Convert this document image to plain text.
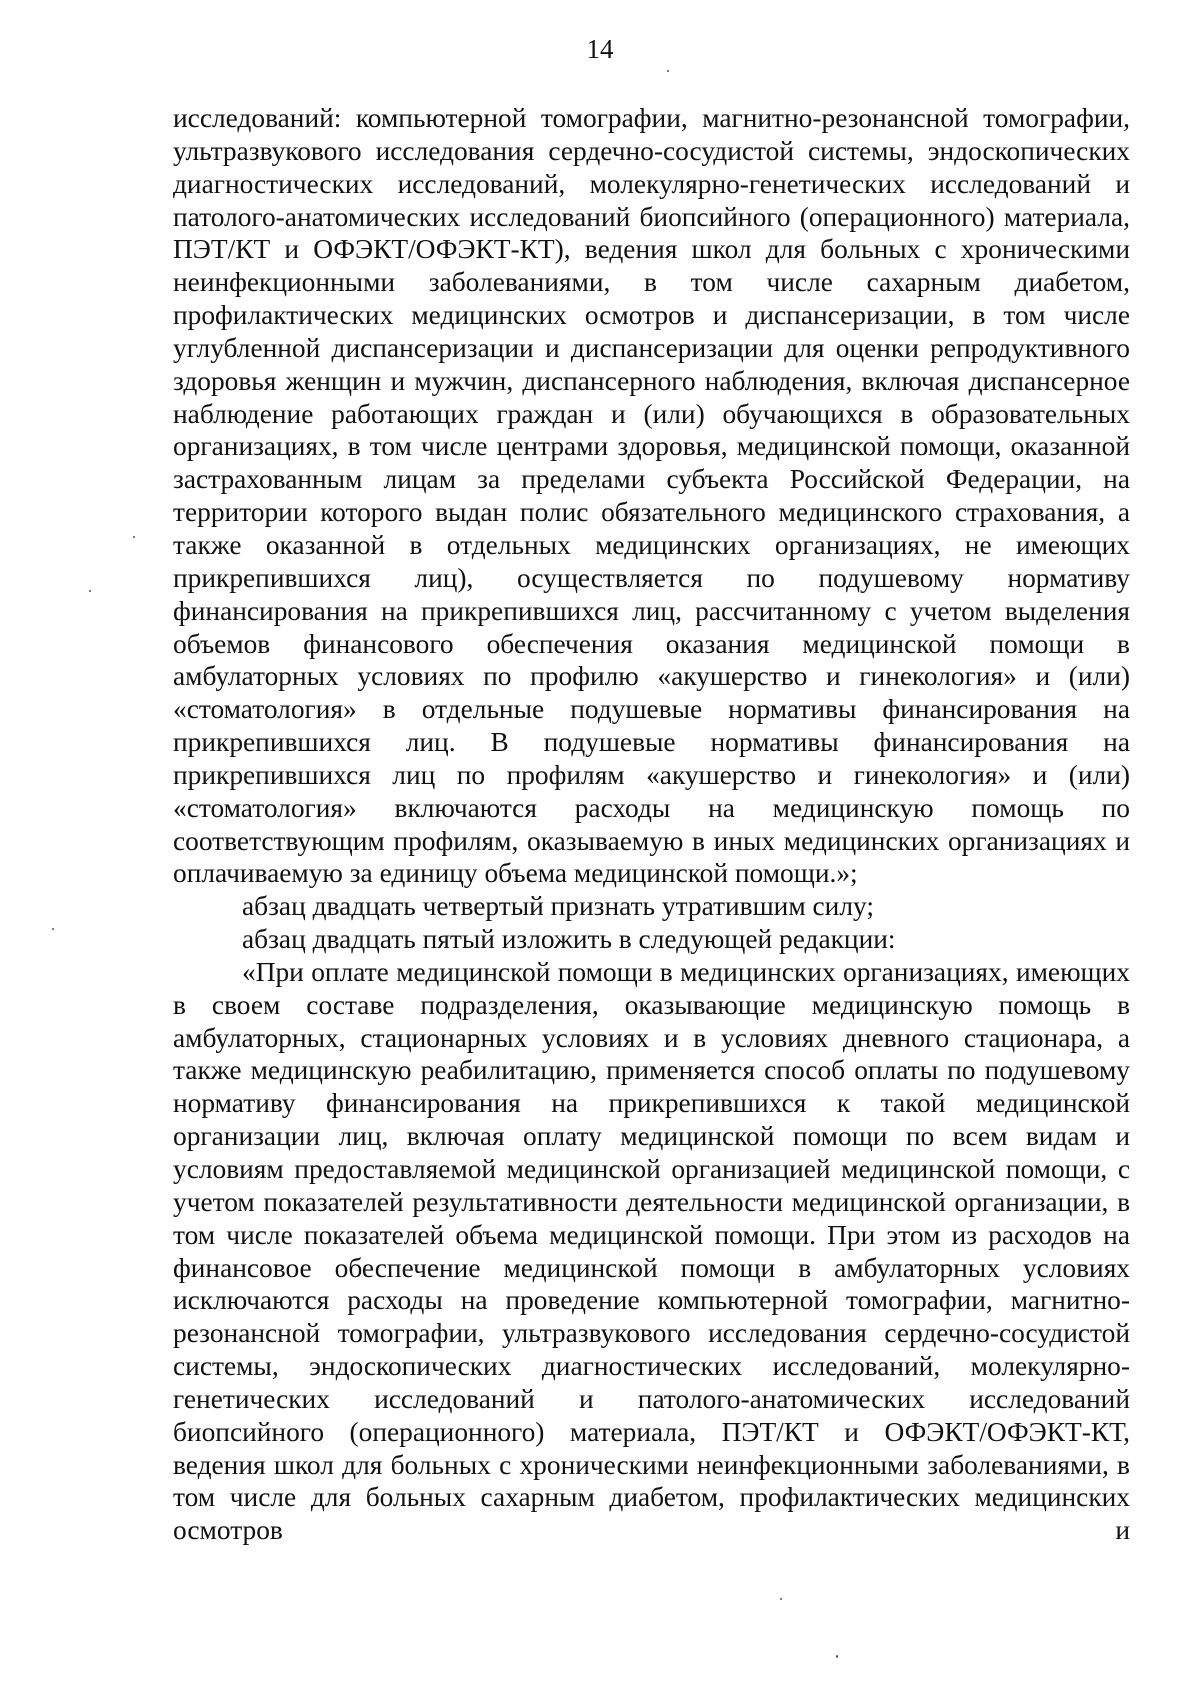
14

исследований: компьютерной томографии, магнитно-резонансной томографии, ультразвукового исследования сердечно-сосудистой системы, эндоскопических диагностических исследований, молекулярно-генетических исследований и патолого-анатомических исследований биопсийного (операционного) материала, ПЭТ/КТ и ОФЭКТ/ОФЭКТ-КТ), ведения школ для больных с хроническими неинфекционными заболеваниями, в том числе сахарным диабетом, профилактических медицинских осмотров и диспансеризации, в том числе углубленной диспансеризации и диспансеризации для оценки репродуктивного здоровья женщин и мужчин, диспансерного наблюдения, включая диспансерное наблюдение работающих граждан и (или) обучающихся в образовательных организациях, в том числе центрами здоровья, медицинской помощи, оказанной застрахованным лицам за пределами субъекта Российской Федерации, на территории которого выдан полис обязательного медицинского страхования, а также оказанной в отдельных медицинских организациях, не имеющих прикрепившихся лиц), осуществляется по подушевому нормативу финансирования на прикрепившихся лиц, рассчитанному с учетом выделения объемов финансового обеспечения оказания медицинской помощи в амбулаторных условиях по профилю «акушерство и гинекология» и (или) «стоматология» в отдельные подушевые нормативы финансирования на прикрепившихся лиц. В подушевые нормативы финансирования на прикрепившихся лиц по профилям «акушерство и гинекология» и (или) «стоматология» включаются расходы на медицинскую помощь по соответствующим профилям, оказываемую в иных медицинских организациях и оплачиваемую за единицу объема медицинской помощи.»;

абзац двадцать четвертый признать утратившим силу;

абзац двадцать пятый изложить в следующей редакции:

«При оплате медицинской помощи в медицинских организациях, имеющих в своем составе подразделения, оказывающие медицинскую помощь в амбулаторных, стационарных условиях и в условиях дневного стационара, а также медицинскую реабилитацию, применяется способ оплаты по подушевому нормативу финансирования на прикрепившихся к такой медицинской организации лиц, включая оплату медицинской помощи по всем видам и условиям предоставляемой медицинской организацией медицинской помощи, с учетом показателей результативности деятельности медицинской организации, в том числе показателей объема медицинской помощи. При этом из расходов на финансовое обеспечение медицинской помощи в амбулаторных условиях исключаются расходы на проведение компьютерной томографии, магнитно-резонансной томографии, ультразвукового исследования сердечно-сосудистой системы, эндоскопических диагностических исследований, молекулярно-генетических исследований и патолого-анатомических исследований биопсийного (операционного) материала, ПЭТ/КТ и ОФЭКТ/ОФЭКТ-КТ, ведения школ для больных с хроническими неинфекционными заболеваниями, в том числе для больных сахарным диабетом, профилактических медицинских осмотров и
